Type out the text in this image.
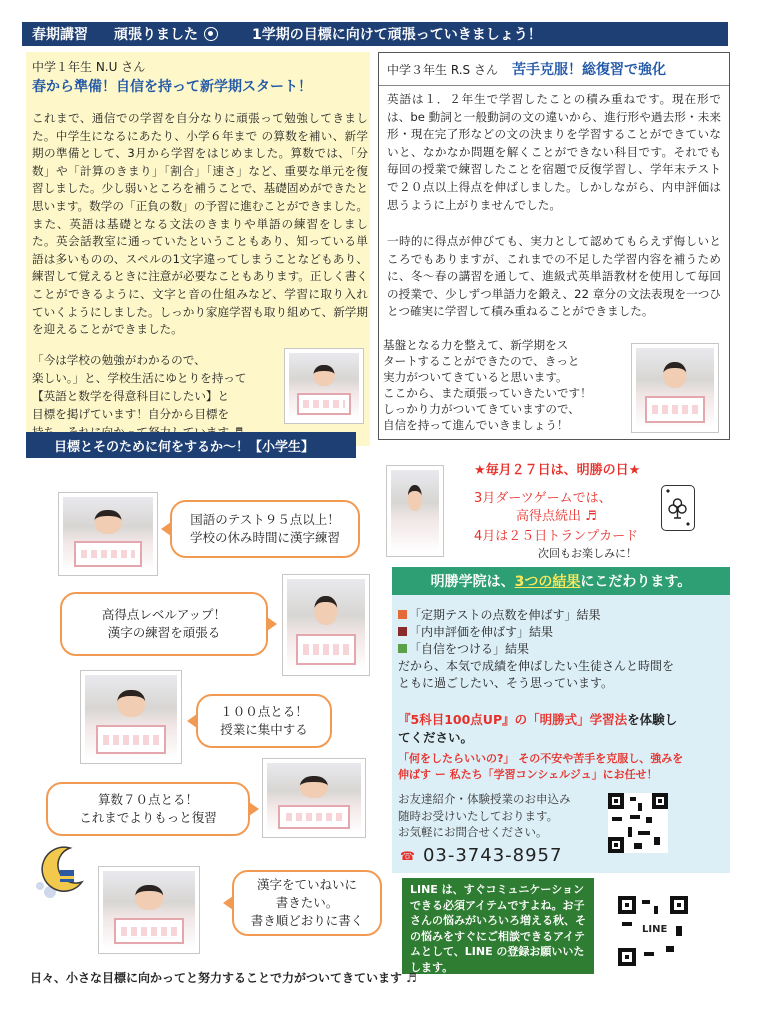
春期講習 頑張りました	1学期の目標に向けて頑張っていきましょう！
中学１年生 N.U さん
春から準備！自信を持って新学期スタート！
これまで、通信での学習を自分なりに頑張って勉強してきました。中学生になるにあたり、小学６年まで の算数を補い、新学期の準備として、3月から学習をはじめました。算数では、「分数」や「計算のきまり」「割合」「速さ」など、重要な単元を復習しました。少し弱いところを補うことで、基礎固めができたと思います。数学の「正負の数」の予習に進むことができました。また、英語は基礎となる文法のきまりや単語の練習をしました。英会話教室に通っていたということもあり、知っている単語は多いものの、スペルの1文字違ってしまうことなどもあり、練習して覚えるときに注意が必要なこともあります。正しく書くことができるように、文字と音の仕組みなど、学習に取り入れていくようにしました。しっかり家庭学習も取り組めて、新学期を迎えることができました。
「今は学校の勉強がわかるので、
楽しい。」と、学校生活にゆとりを持って
【英語と数学を得意科目にしたい】と
目標を掲げています！自分から目標を
中学３年生 R.S さん 苦手克服！総復習で強化
英語は１．２年生で学習したことの積み重ねです。現在形では、be 動詞と一般動詞の文の違いから、進行形や過去形・未来形・現在完了形などの文の決まりを学習することができていないと、なかなか問題を解くことができない科目です。それでも毎回の授業で練習したことを宿題で反復学習し、学年末テストで２０点以上得点を伸ばしました。しかしながら、内申評価は思うように上がりませんでした。
一時的に得点が伸びても、実力として認めてもらえず悔しいところでもありますが、これまでの不足した学習内容を補うために、冬～春の講習を通して、進級式英単語教材を使用して毎回の授業で、少しずつ単語力を鍛え、22 章分の文法表現を一つひとつ確実に学習して積み重ねることができました。
基盤となる力を整えて、新学期をス
タートすることができたので、きっと
実力がついてきていると思います。
ここから、また頑張っていきたいです！
しっかり力がついてきていますので、
自信を持って進んでいきましょう！
目標とそのために何をするか～！【小学生】
国語のテスト９５点以上！
学校の休み時間に漢字練習
高得点レベルアップ！
漢字の練習を頑張る
１００点とる！
授業に集中する
算数７０点とる！
これまでよりもっと復習
漢字をていねいに
書きたい。
書き順どおりに書く
★毎月２７日は、明勝の日★
3月ダーツゲームでは、
高得点続出 ♬
4月は２５日トランプカード
次回もお楽しみに！
明勝学院は、 3つの結果 にこだわります。
「定期テストの点数を伸ばす」結果
「内申評価を伸ばす」結果
「自信をつける」結果
だから、本気で成績を伸ばしたい生徒さんと時間を
ともに過ごしたい、そう思っています。
『5科目100点UP』の「明勝式」学習法を体験し
てください。
「何をしたらいいの?」 その不安や苦手を克服し、強みを
伸ばす ー 私たち「学習コンシェルジュ」にお任せ！
お友達紹介・体験授業のお申込み
随時お受けいたしております。
お気軽にお問合せください。
☎ 03-3743-8957
LINE は、すぐコミュニケーションできる必須アイテムですよね。お子さんの悩みがいろいろ増える秋、その悩みをすぐにご相談できるアイテムとして、LINE の登録お願いいたします。
LINE
日々、小さな目標に向かってと努力することで力がついてきています ♬
